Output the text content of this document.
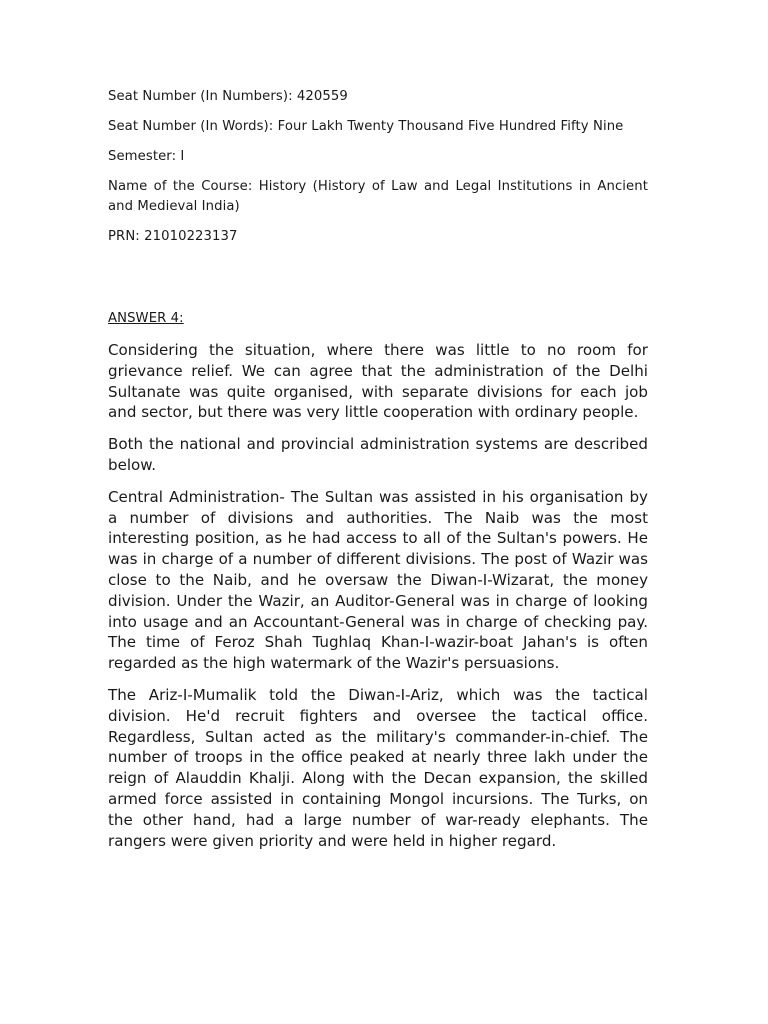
Seat Number (In Numbers): 420559

Seat Number (In Words): Four Lakh Twenty Thousand Five Hundred Fifty Nine

Semester: I

Name of the Course: History (History of Law and Legal Institutions in Ancient and Medieval India)

PRN: 21010223137

ANSWER 4:

Considering the situation, where there was little to no room for grievance relief. We can agree that the administration of the Delhi Sultanate was quite organised, with separate divisions for each job and sector, but there was very little cooperation with ordinary people.

Both the national and provincial administration systems are described below.

Central Administration- The Sultan was assisted in his organisation by a number of divisions and authorities. The Naib was the most interesting position, as he had access to all of the Sultan's powers. He was in charge of a number of different divisions. The post of Wazir was close to the Naib, and he oversaw the Diwan-I-Wizarat, the money division. Under the Wazir, an Auditor-General was in charge of looking into usage and an Accountant-General was in charge of checking pay. The time of Feroz Shah Tughlaq Khan-I-wazir-boat Jahan's is often regarded as the high watermark of the Wazir's persuasions.

The Ariz-I-Mumalik told the Diwan-I-Ariz, which was the tactical division. He'd recruit fighters and oversee the tactical office. Regardless, Sultan acted as the military's commander-in-chief. The number of troops in the office peaked at nearly three lakh under the reign of Alauddin Khalji. Along with the Decan expansion, the skilled armed force assisted in containing Mongol incursions. The Turks, on the other hand, had a large number of war-ready elephants. The rangers were given priority and were held in higher regard.
